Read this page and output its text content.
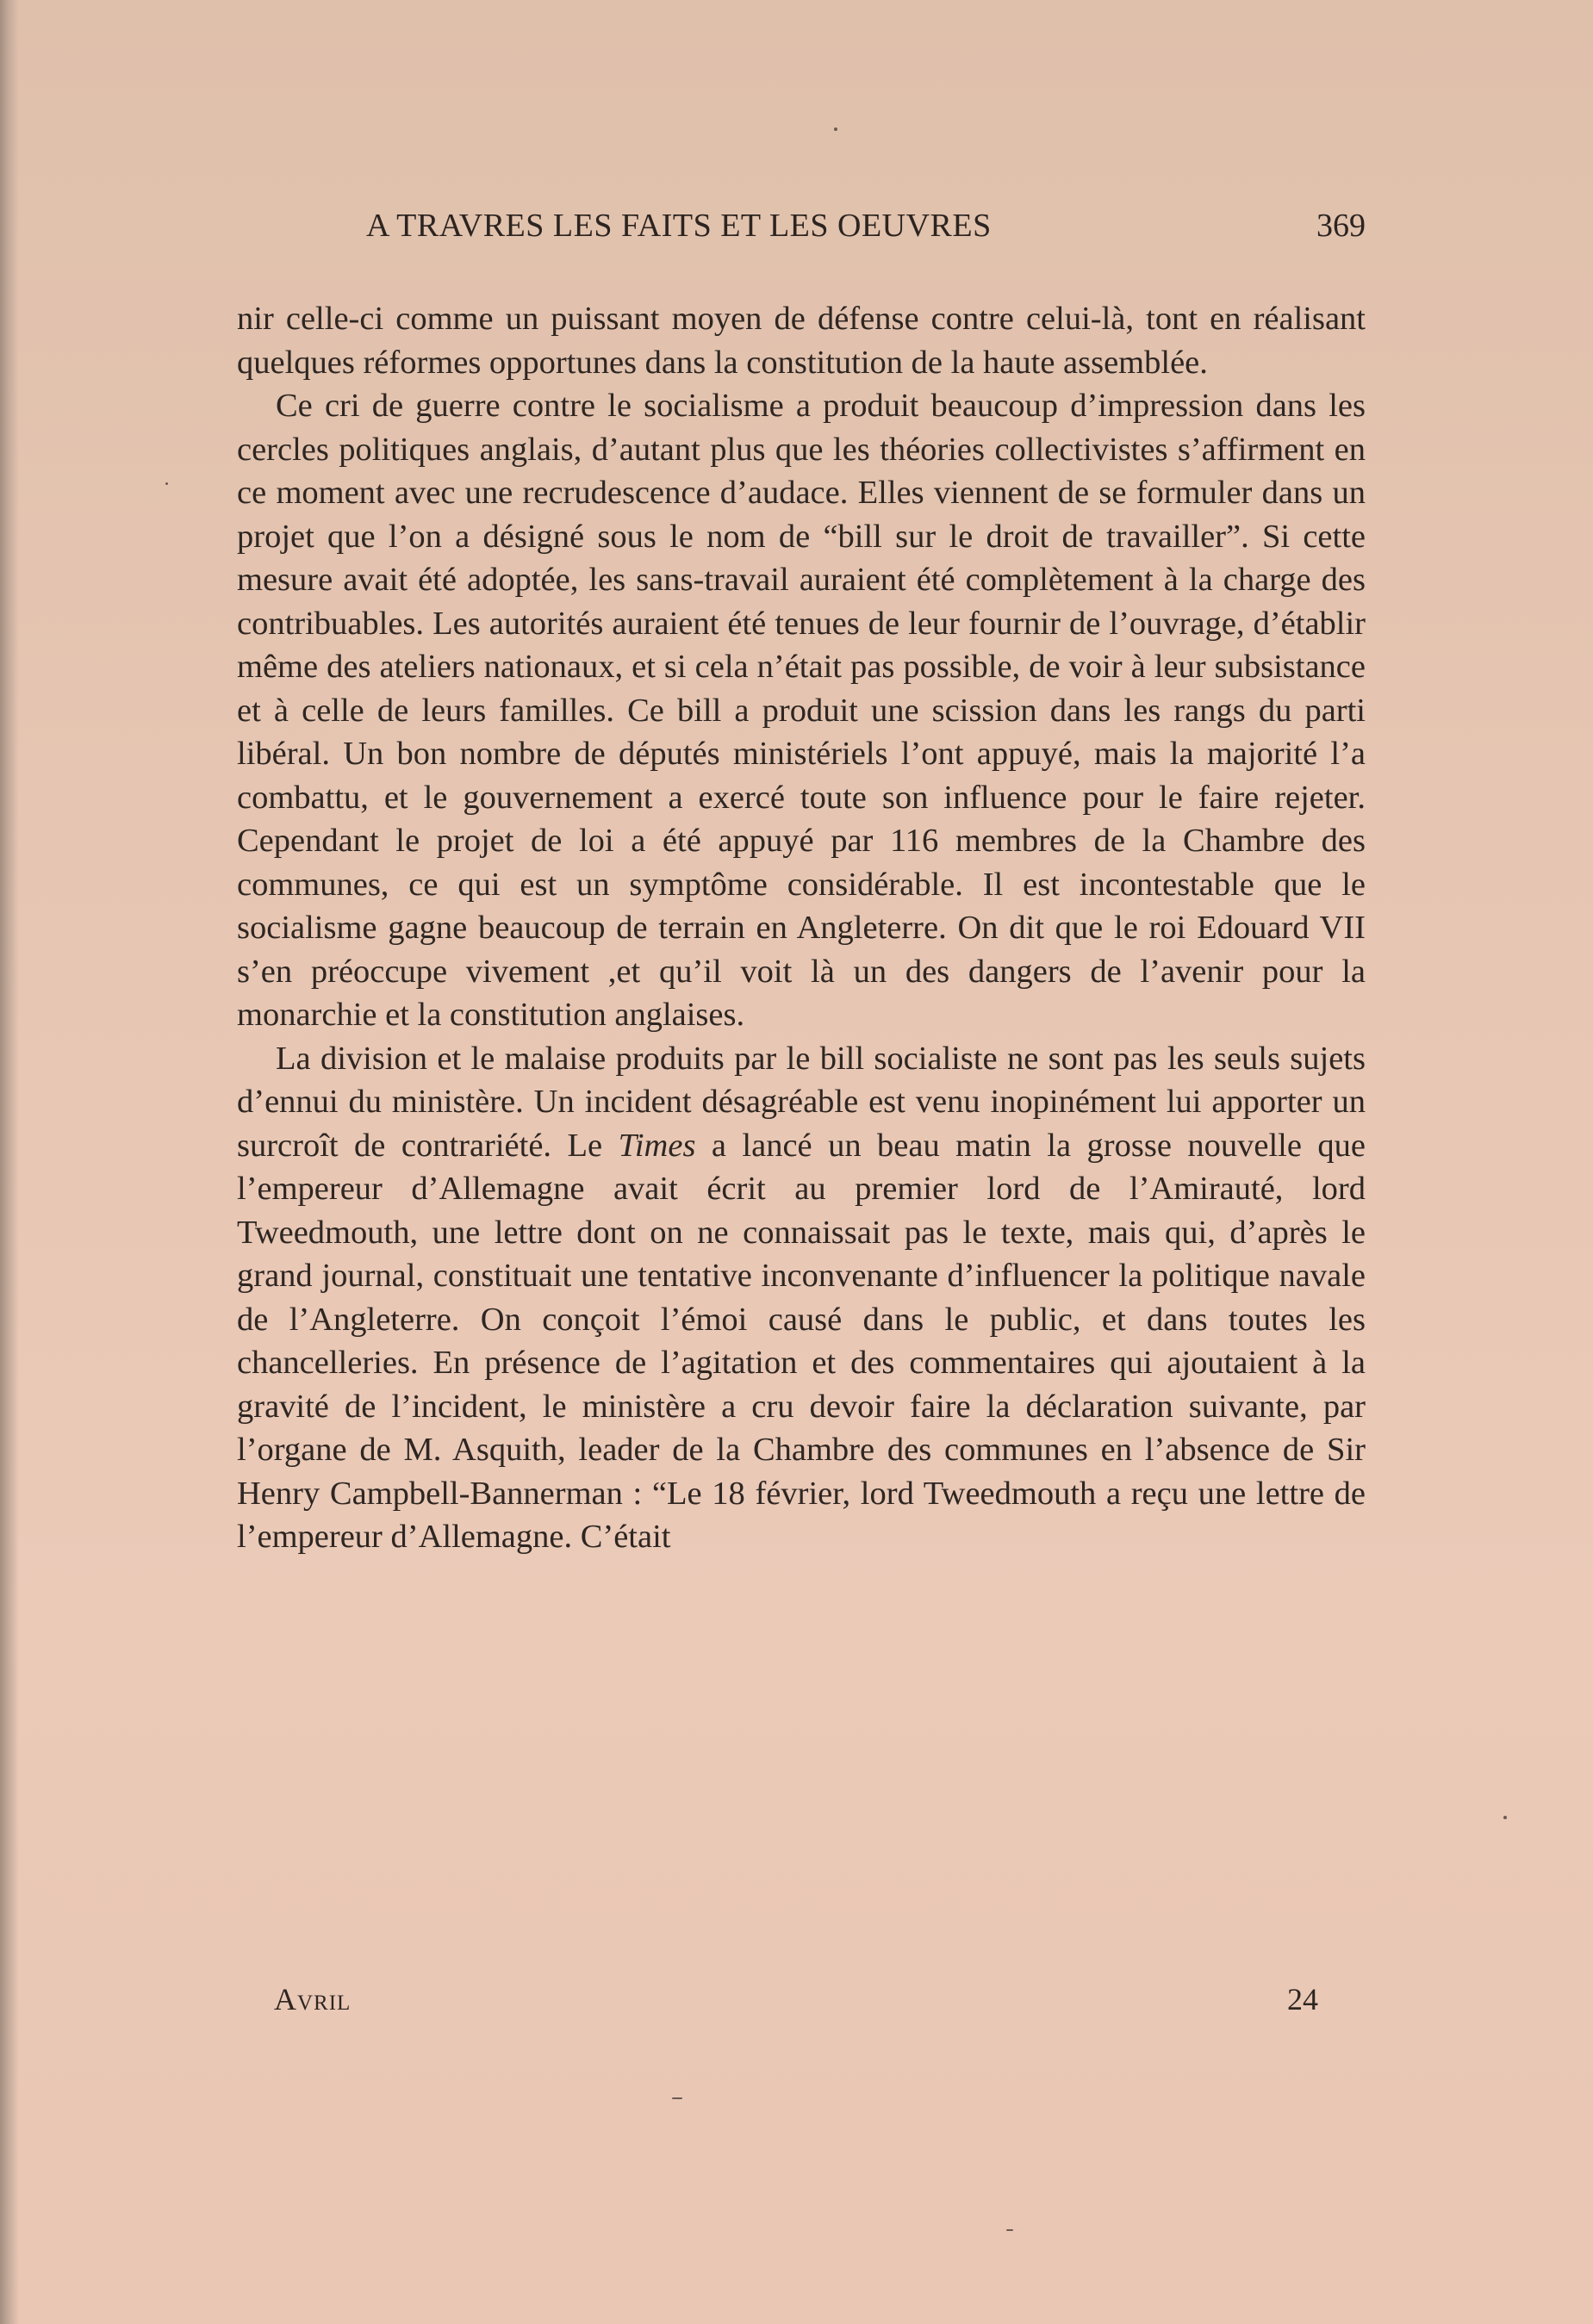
A TRAVRES LES FAITS ET LES OEUVRES	369

nir celle-ci comme un puissant moyen de défense contre celui-là, tont en réalisant quelques réformes opportunes dans la constitution de la haute assemblée.

Ce cri de guerre contre le socialisme a produit beaucoup d’impression dans les cercles politiques anglais, d’autant plus que les théories collectivistes s’affirment en ce moment avec une recrudescence d’audace. Elles viennent de se formuler dans un projet que l’on a désigné sous le nom de “bill sur le droit de travailler”. Si cette mesure avait été adoptée, les sans-travail auraient été complètement à la charge des contribuables. Les autorités auraient été tenues de leur fournir de l’ouvrage, d’établir même des ateliers nationaux, et si cela n’était pas possible, de voir à leur subsistance et à celle de leurs familles. Ce bill a produit une scission dans les rangs du parti libéral. Un bon nombre de députés ministériels l’ont appuyé, mais la majorité l’a combattu, et le gouvernement a exercé toute son influence pour le faire rejeter. Cependant le projet de loi a été appuyé par 116 membres de la Chambre des communes, ce qui est un symptôme considérable. Il est incontestable que le socialisme gagne beaucoup de terrain en Angleterre. On dit que le roi Edouard VII s’en préoccupe vivement ,et qu’il voit là un des dangers de l’avenir pour la monarchie et la constitution anglaises.

La division et le malaise produits par le bill socialiste ne sont pas les seuls sujets d’ennui du ministère. Un incident désagréable est venu inopinément lui apporter un surcroît de contrariété. Le Times a lancé un beau matin la grosse nouvelle que l’empereur d’Allemagne avait écrit au premier lord de l’Amirauté, lord Tweedmouth, une lettre dont on ne connaissait pas le texte, mais qui, d’après le grand journal, constituait une tentative inconvenante d’influencer la politique navale de l’Angleterre. On conçoit l’émoi causé dans le public, et dans toutes les chancelleries. En présence de l’agitation et des commentaires qui ajoutaient à la gravité de l’incident, le ministère a cru devoir faire la déclaration suivante, par l’organe de M. Asquith, leader de la Chambre des communes en l’absence de Sir Henry Campbell-Bannerman : “Le 18 février, lord Tweedmouth a reçu une lettre de l’empereur d’Allemagne. C’était

Avril	24
